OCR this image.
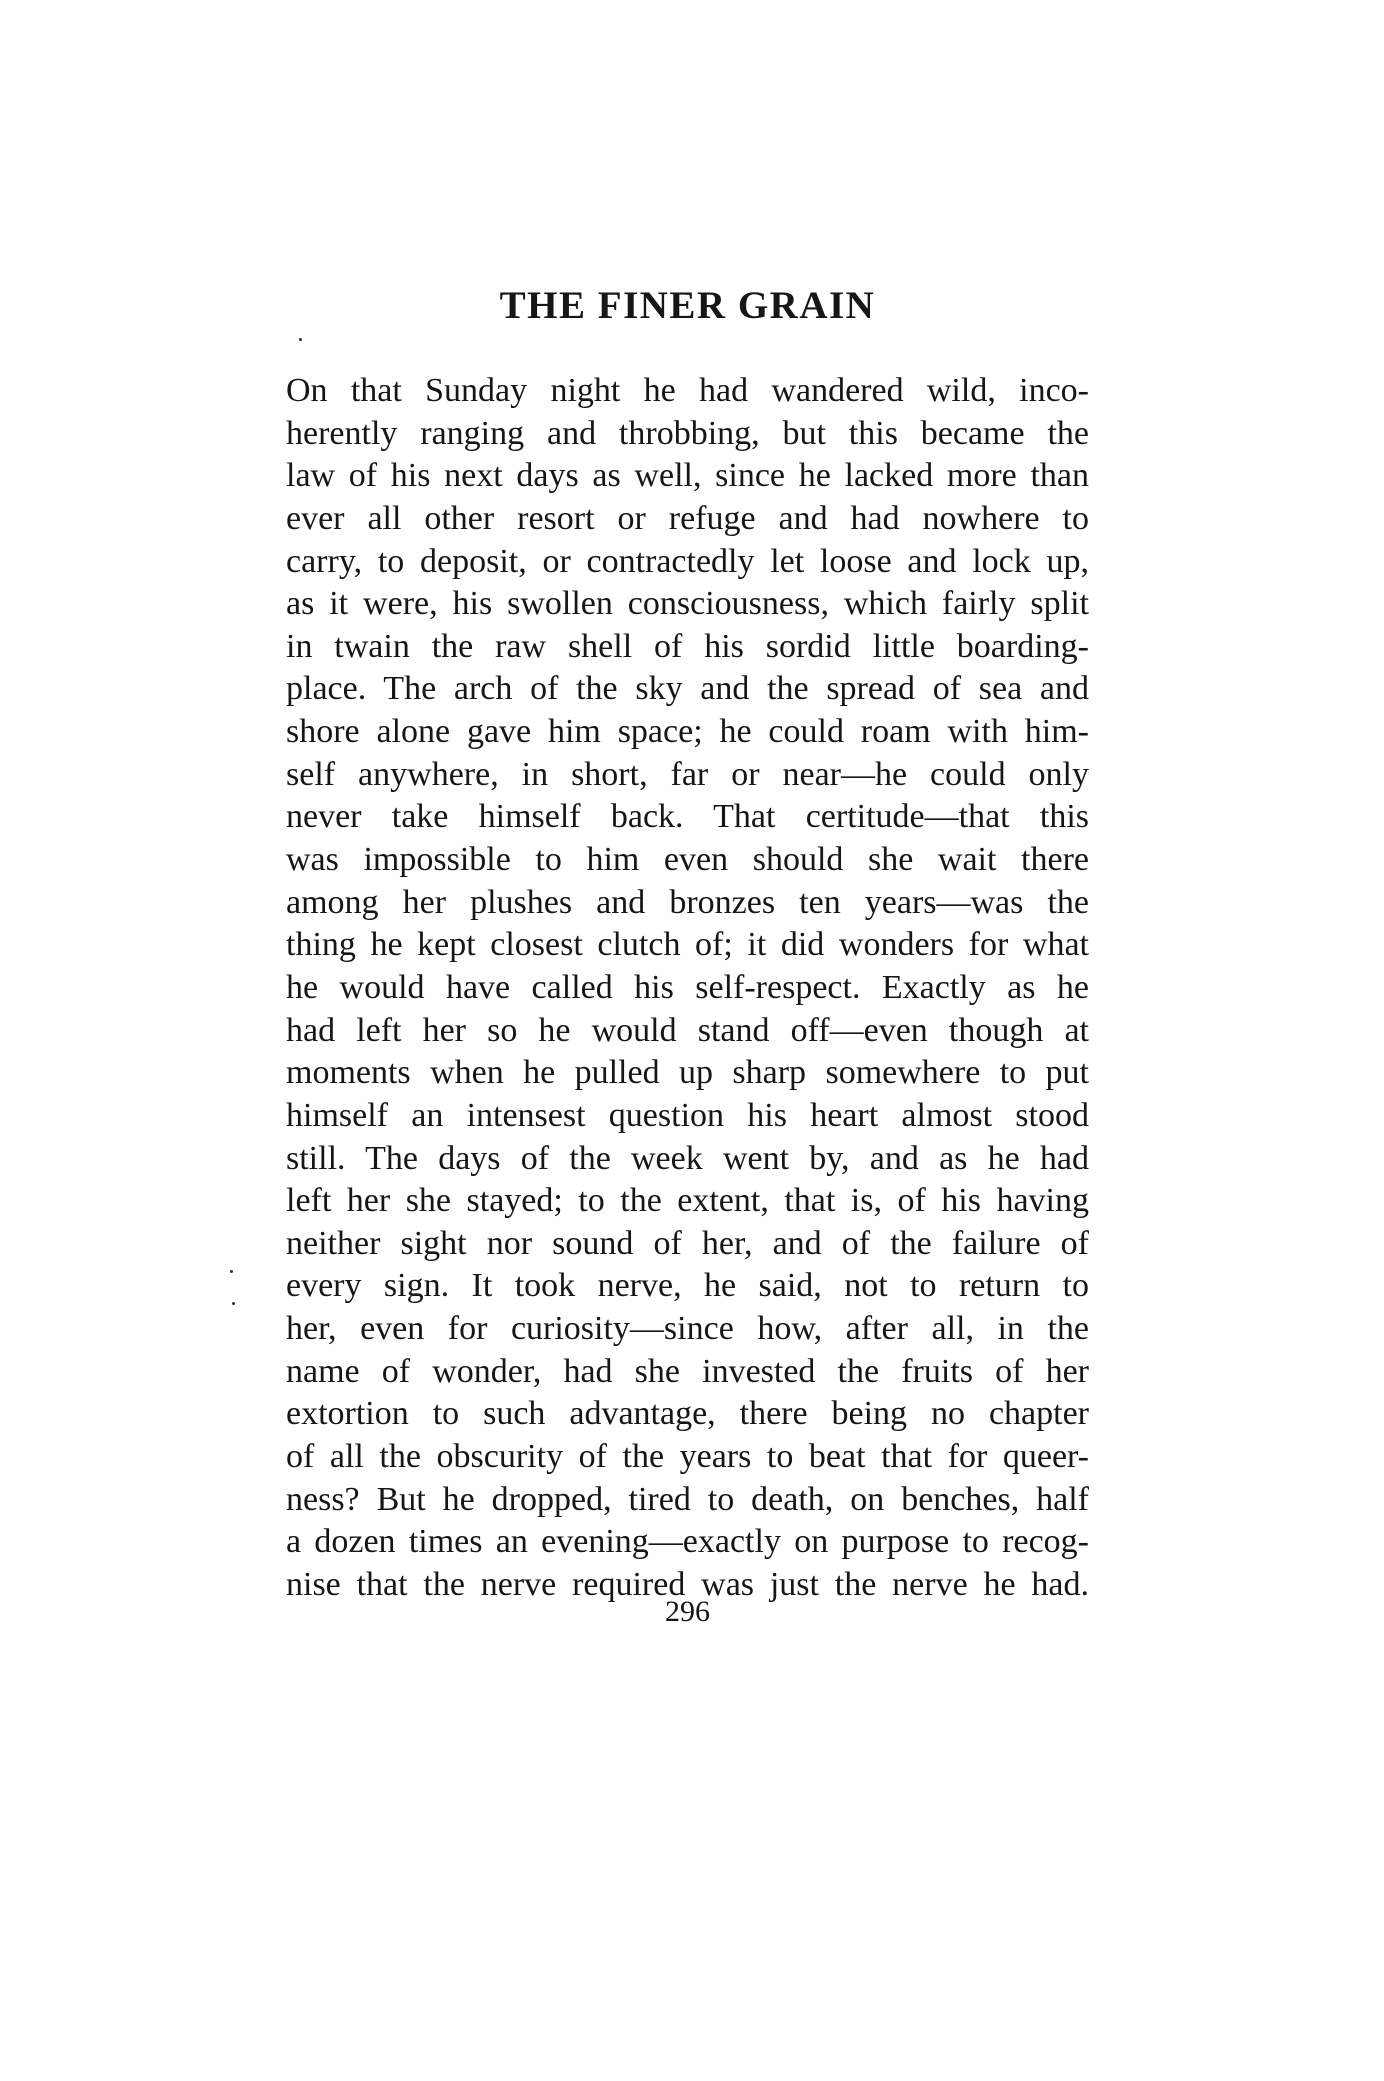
THE FINER GRAIN
On that Sunday night he had wandered wild, inco-
herently ranging and throbbing, but this became the
law of his next days as well, since he lacked more than
ever all other resort or refuge and had nowhere to
carry, to deposit, or contractedly let loose and lock up,
as it were, his swollen consciousness, which fairly split
in twain the raw shell of his sordid little boarding-
place. The arch of the sky and the spread of sea and
shore alone gave him space; he could roam with him-
self anywhere, in short, far or near—he could only
never take himself back. That certitude—that this
was impossible to him even should she wait there
among her plushes and bronzes ten years—was the
thing he kept closest clutch of; it did wonders for what
he would have called his self-respect. Exactly as he
had left her so he would stand off—even though at
moments when he pulled up sharp somewhere to put
himself an intensest question his heart almost stood
still. The days of the week went by, and as he had
left her she stayed; to the extent, that is, of his having
neither sight nor sound of her, and of the failure of
every sign. It took nerve, he said, not to return to
her, even for curiosity—since how, after all, in the
name of wonder, had she invested the fruits of her
extortion to such advantage, there being no chapter
of all the obscurity of the years to beat that for queer-
ness? But he dropped, tired to death, on benches, half
a dozen times an evening—exactly on purpose to recog-
nise that the nerve required was just the nerve he had.
296
